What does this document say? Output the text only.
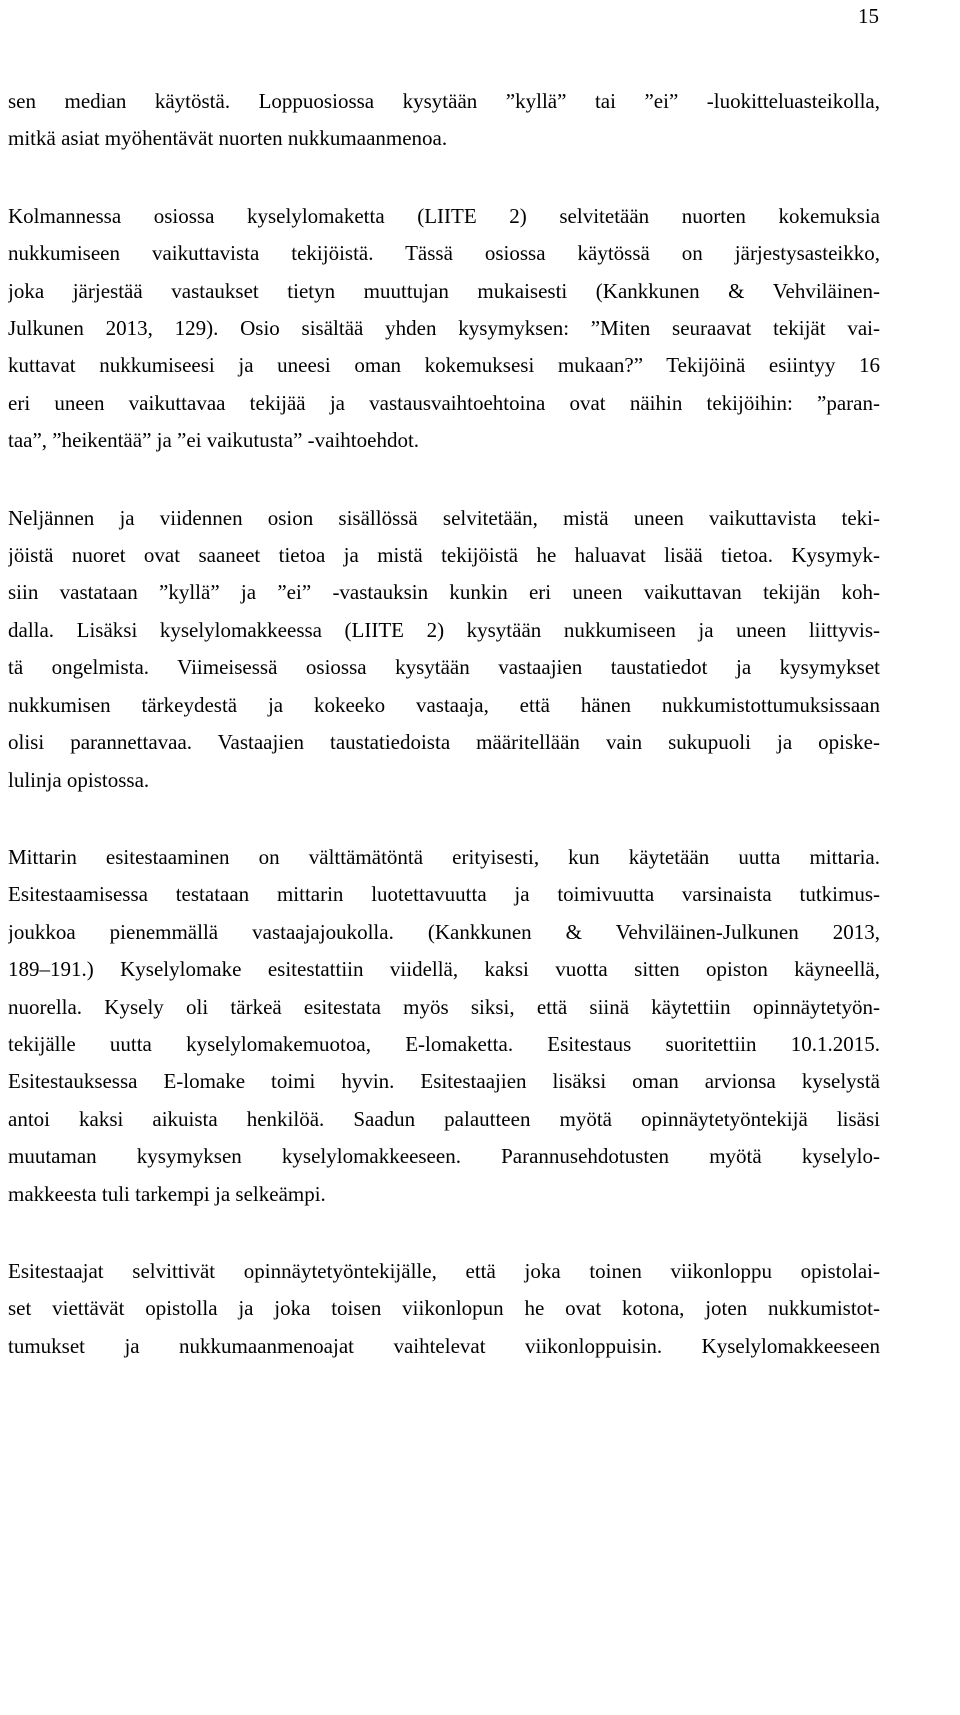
15
sen median käytöstä. Loppuosiossa kysytään ”kyllä” tai ”ei” -luokitteluasteikolla,
mitkä asiat myöhentävät nuorten nukkumaanmenoa.
Kolmannessa osiossa kyselylomaketta (LIITE 2) selvitetään nuorten kokemuksia
nukkumiseen vaikuttavista tekijöistä. Tässä osiossa käytössä on järjestysasteikko,
joka järjestää vastaukset tietyn muuttujan mukaisesti (Kankkunen & Vehviläinen-
Julkunen 2013, 129). Osio sisältää yhden kysymyksen: ”Miten seuraavat tekijät vai-
kuttavat nukkumiseesi ja uneesi oman kokemuksesi mukaan?” Tekijöinä esiintyy 16
eri uneen vaikuttavaa tekijää ja vastausvaihtoehtoina ovat näihin tekijöihin: ”paran-
taa”, ”heikentää” ja ”ei vaikutusta” -vaihtoehdot.
Neljännen ja viidennen osion sisällössä selvitetään, mistä uneen vaikuttavista teki-
jöistä nuoret ovat saaneet tietoa ja mistä tekijöistä he haluavat lisää tietoa. Kysymyk-
siin vastataan ”kyllä” ja ”ei” -vastauksin kunkin eri uneen vaikuttavan tekijän koh-
dalla. Lisäksi kyselylomakkeessa (LIITE 2) kysytään nukkumiseen ja uneen liittyvis-
tä ongelmista. Viimeisessä osiossa kysytään vastaajien taustatiedot ja kysymykset
nukkumisen tärkeydestä ja kokeeko vastaaja, että hänen nukkumistottumuksissaan
olisi parannettavaa. Vastaajien taustatiedoista määritellään vain sukupuoli ja opiske-
lulinja opistossa.
Mittarin esitestaaminen on välttämätöntä erityisesti, kun käytetään uutta mittaria.
Esitestaamisessa testataan mittarin luotettavuutta ja toimivuutta varsinaista tutkimus-
joukkoa pienemmällä vastaajajoukolla. (Kankkunen & Vehviläinen-Julkunen 2013,
189–191.) Kyselylomake esitestattiin viidellä, kaksi vuotta sitten opiston käyneellä,
nuorella. Kysely oli tärkeä esitestata myös siksi, että siinä käytettiin opinnäytetyön-
tekijälle uutta kyselylomakemuotoa, E-lomaketta. Esitestaus suoritettiin 10.1.2015.
Esitestauksessa E-lomake toimi hyvin. Esitestaajien lisäksi oman arvionsa kyselystä
antoi kaksi aikuista henkilöä. Saadun palautteen myötä opinnäytetyöntekijä lisäsi
muutaman kysymyksen kyselylomakkeeseen. Parannusehdotusten myötä kyselylo-
makkeesta tuli tarkempi ja selkeämpi.
Esitestaajat selvittivät opinnäytetyöntekijälle, että joka toinen viikonloppu opistolai-
set viettävät opistolla ja joka toisen viikonlopun he ovat kotona, joten nukkumistot-
tumukset ja nukkumaanmenoajat vaihtelevat viikonloppuisin. Kyselylomakkeeseen
